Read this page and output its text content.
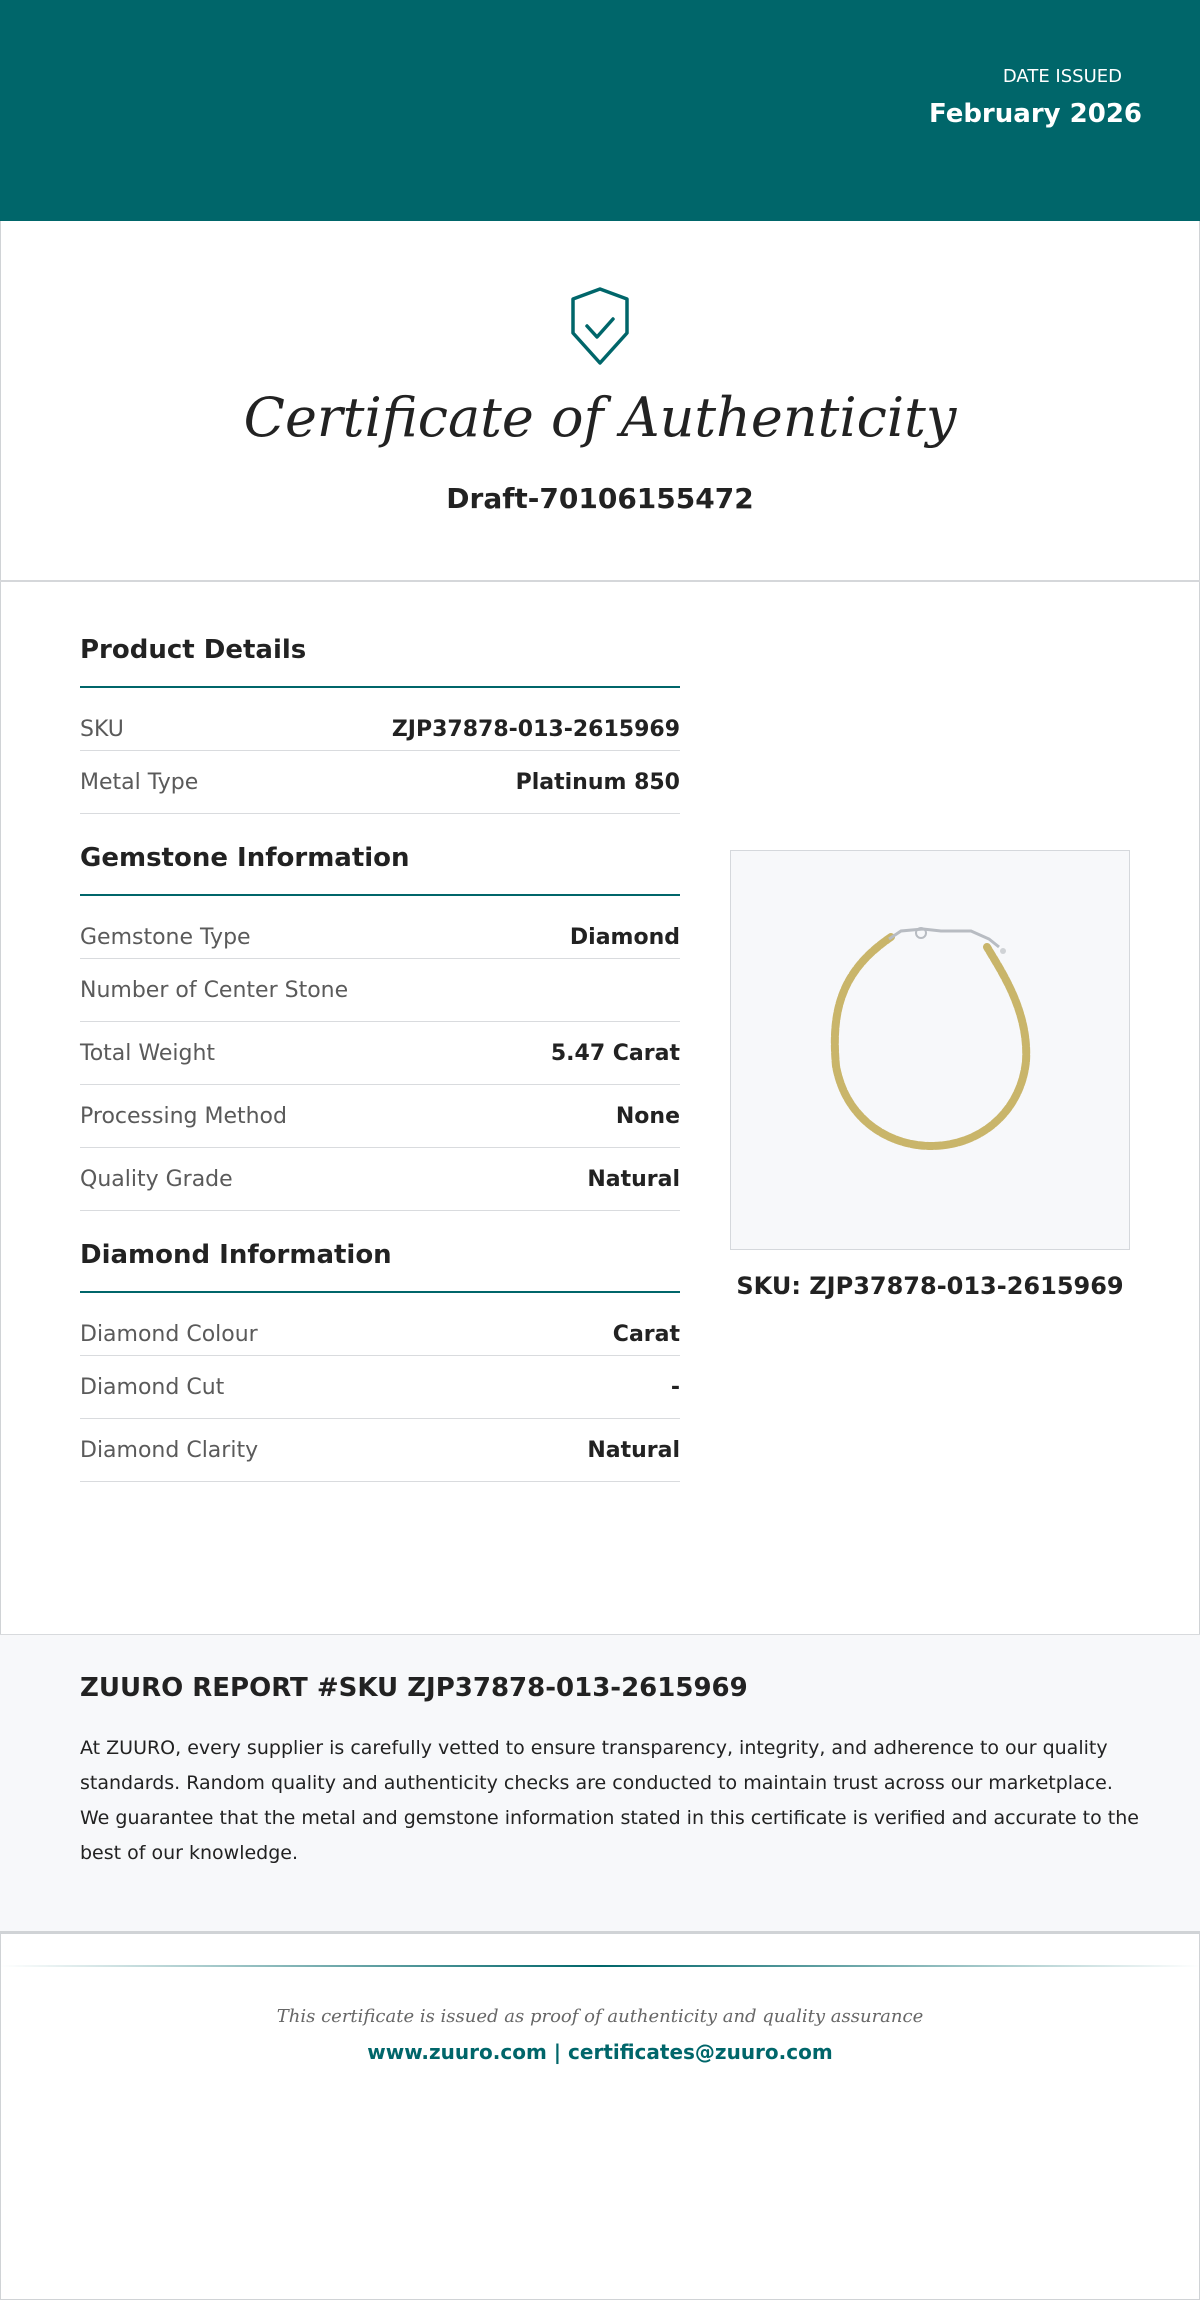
DATE ISSUED
February 2026
Certificate of Authenticity
Draft-70106155472
Product Details
SKU	ZJP37878-013-2615969
Metal Type	Platinum 850
Gemstone Information
Gemstone Type	Diamond
Number of Center Stone
Total Weight	5.47 Carat
Processing Method	None
Quality Grade	Natural
Diamond Information
Diamond Colour	Carat
Diamond Cut	-
Diamond Clarity	Natural
SKU: ZJP37878-013-2615969
ZUURO REPORT #SKU ZJP37878-013-2615969

At ZUURO, every supplier is carefully vetted to ensure transparency, integrity, and adherence to our quality standards. Random quality and authenticity checks are conducted to maintain trust across our marketplace. We guarantee that the metal and gemstone information stated in this certificate is verified and accurate to the best of our knowledge.

This certificate is issued as proof of authenticity and quality assurance
www.zuuro.com | certificates@zuuro.com
